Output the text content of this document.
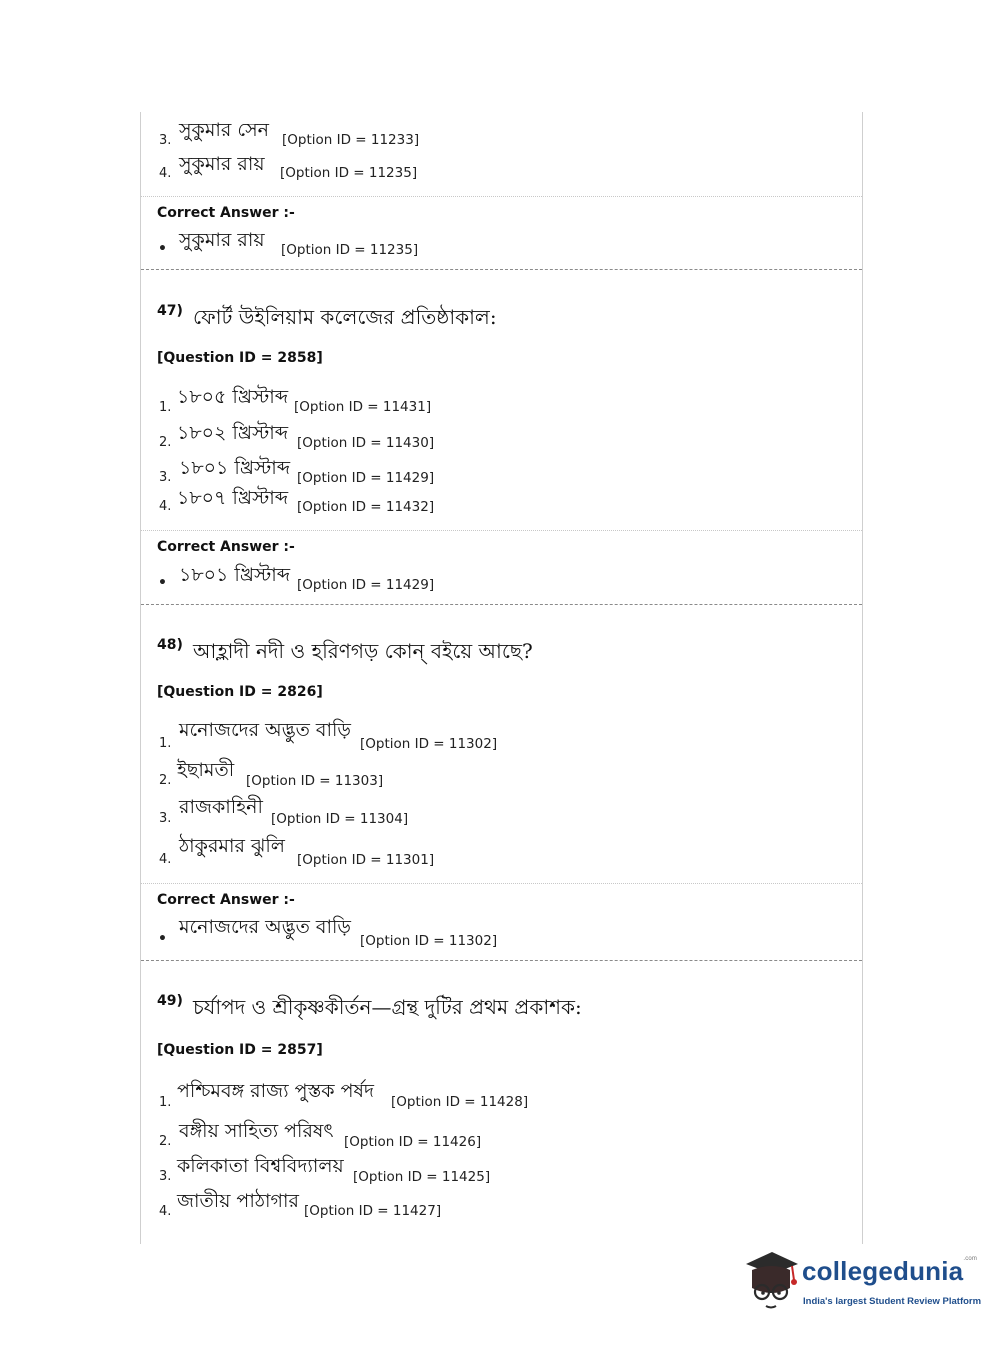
3. সুকুমার সেন [Option ID = 11233]
4. সুকুমার রায় [Option ID = 11235]
Correct Answer :-
• সুকুমার রায় [Option ID = 11235]
47) ফোর্ট উইলিয়াম কলেজের প্রতিষ্ঠাকাল:
[Question ID = 2858]
1. ১৮০৫ খ্রিস্টাব্দ [Option ID = 11431]
2. ১৮০২ খ্রিস্টাব্দ [Option ID = 11430]
3. ১৮০১ খ্রিস্টাব্দ [Option ID = 11429]
4. ১৮০৭ খ্রিস্টাব্দ [Option ID = 11432]
Correct Answer :-
• ১৮০১ খ্রিস্টাব্দ [Option ID = 11429]
48) আহ্লাদী নদী ও হরিণগড় কোন্ বইয়ে আছে?
[Question ID = 2826]
1.
মনোজদের অদ্ভুত বাড়ি
[Option ID = 11302]
2. ইছামতী [Option ID = 11303]
3.
রাজকাহিনী
[Option ID = 11304]
4.
ঠাকুরমার ঝুলি
[Option ID = 11301]
Correct Answer :-
•
মনোজদের অদ্ভুত বাড়ি
[Option ID = 11302]
49) চর্যাপদ ও শ্রীকৃষ্ণকীর্তন—গ্রন্থ দুটির প্রথম প্রকাশক:
[Question ID = 2857]
1.
পশ্চিমবঙ্গ রাজ্য পুস্তক পর্ষদ [Option ID = 11428]
2. বঙ্গীয় সাহিত্য পরিষৎ [Option ID = 11426]
3. কলিকাতা বিশ্ববিদ্যালয় [Option ID = 11425]
4. জাতীয় পাঠাগার [Option ID = 11427]
collegedunia$_{.com}$
India's largest Student Review Platform
